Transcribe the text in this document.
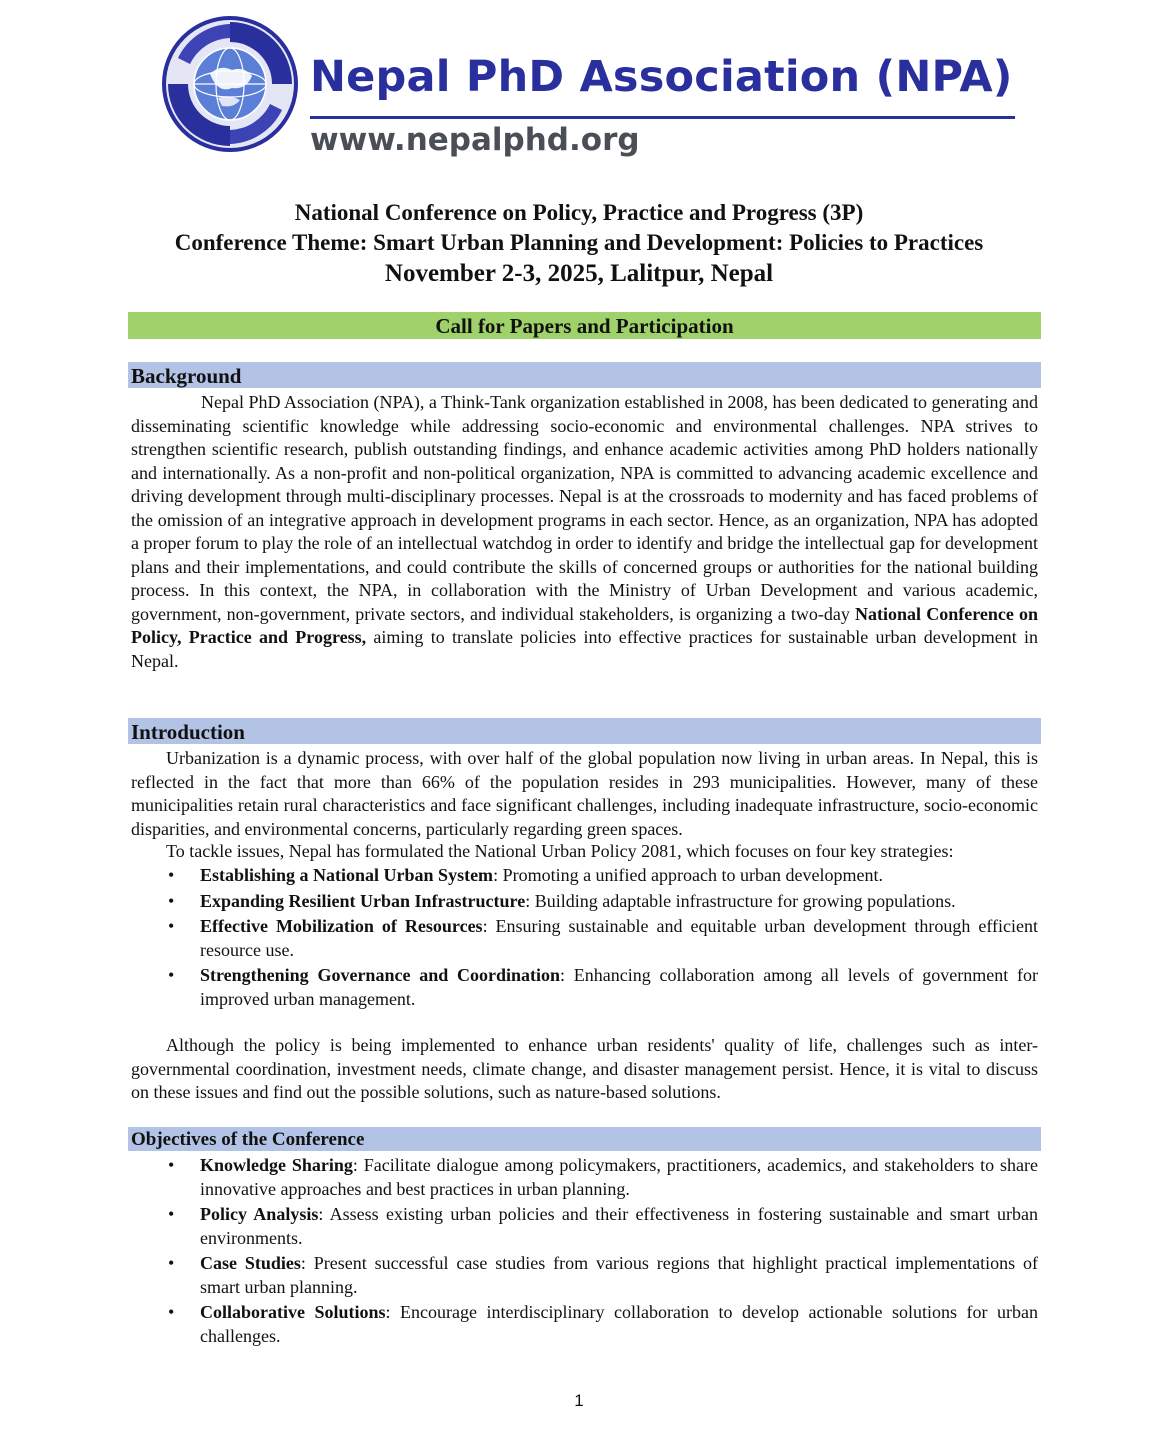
Nepal PhD Association (NPA)
www.nepalphd.org
National Conference on Policy, Practice and Progress (3P)
Conference Theme: Smart Urban Planning and Development: Policies to Practices
November 2-3, 2025, Lalitpur, Nepal
Call for Papers and Participation
Background

Nepal PhD Association (NPA), a Think-Tank organization established in 2008, has been dedicated to generating and disseminating scientific knowledge while addressing socio-economic and environmental challenges. NPA strives to strengthen scientific research, publish outstanding findings, and enhance academic activities among PhD holders nationally and internationally. As a non-profit and non-political organization, NPA is committed to advancing academic excellence and driving development through multi-disciplinary processes. Nepal is at the crossroads to modernity and has faced problems of the omission of an integrative approach in development programs in each sector. Hence, as an organization, NPA has adopted a proper forum to play the role of an intellectual watchdog in order to identify and bridge the intellectual gap for development plans and their implementations, and could contribute the skills of concerned groups or authorities for the national building process. In this context, the NPA, in collaboration with the Ministry of Urban Development and various academic, government, non-government, private sectors, and individual stakeholders, is organizing a two-day National Conference on Policy, Practice and Progress, aiming to translate policies into effective practices for sustainable urban development in Nepal.

Introduction

Urbanization is a dynamic process, with over half of the global population now living in urban areas. In Nepal, this is reflected in the fact that more than 66% of the population resides in 293 municipalities. However, many of these municipalities retain rural characteristics and face significant challenges, including inadequate infrastructure, socio-economic disparities, and environmental concerns, particularly regarding green spaces.

To tackle issues, Nepal has formulated the National Urban Policy 2081, which focuses on four key strategies:

• Establishing a National Urban System: Promoting a unified approach to urban development.
• Expanding Resilient Urban Infrastructure: Building adaptable infrastructure for growing populations.
• Effective Mobilization of Resources: Ensuring sustainable and equitable urban development through efficient resource use.
• Strengthening Governance and Coordination: Enhancing collaboration among all levels of government for improved urban management.

Although the policy is being implemented to enhance urban residents' quality of life, challenges such as inter-governmental coordination, investment needs, climate change, and disaster management persist. Hence, it is vital to discuss on these issues and find out the possible solutions, such as nature-based solutions.

Objectives of the Conference
• Knowledge Sharing: Facilitate dialogue among policymakers, practitioners, academics, and stakeholders to share innovative approaches and best practices in urban planning.
• Policy Analysis: Assess existing urban policies and their effectiveness in fostering sustainable and smart urban environments.
• Case Studies: Present successful case studies from various regions that highlight practical implementations of smart urban planning.
• Collaborative Solutions: Encourage interdisciplinary collaboration to develop actionable solutions for urban challenges.
1
